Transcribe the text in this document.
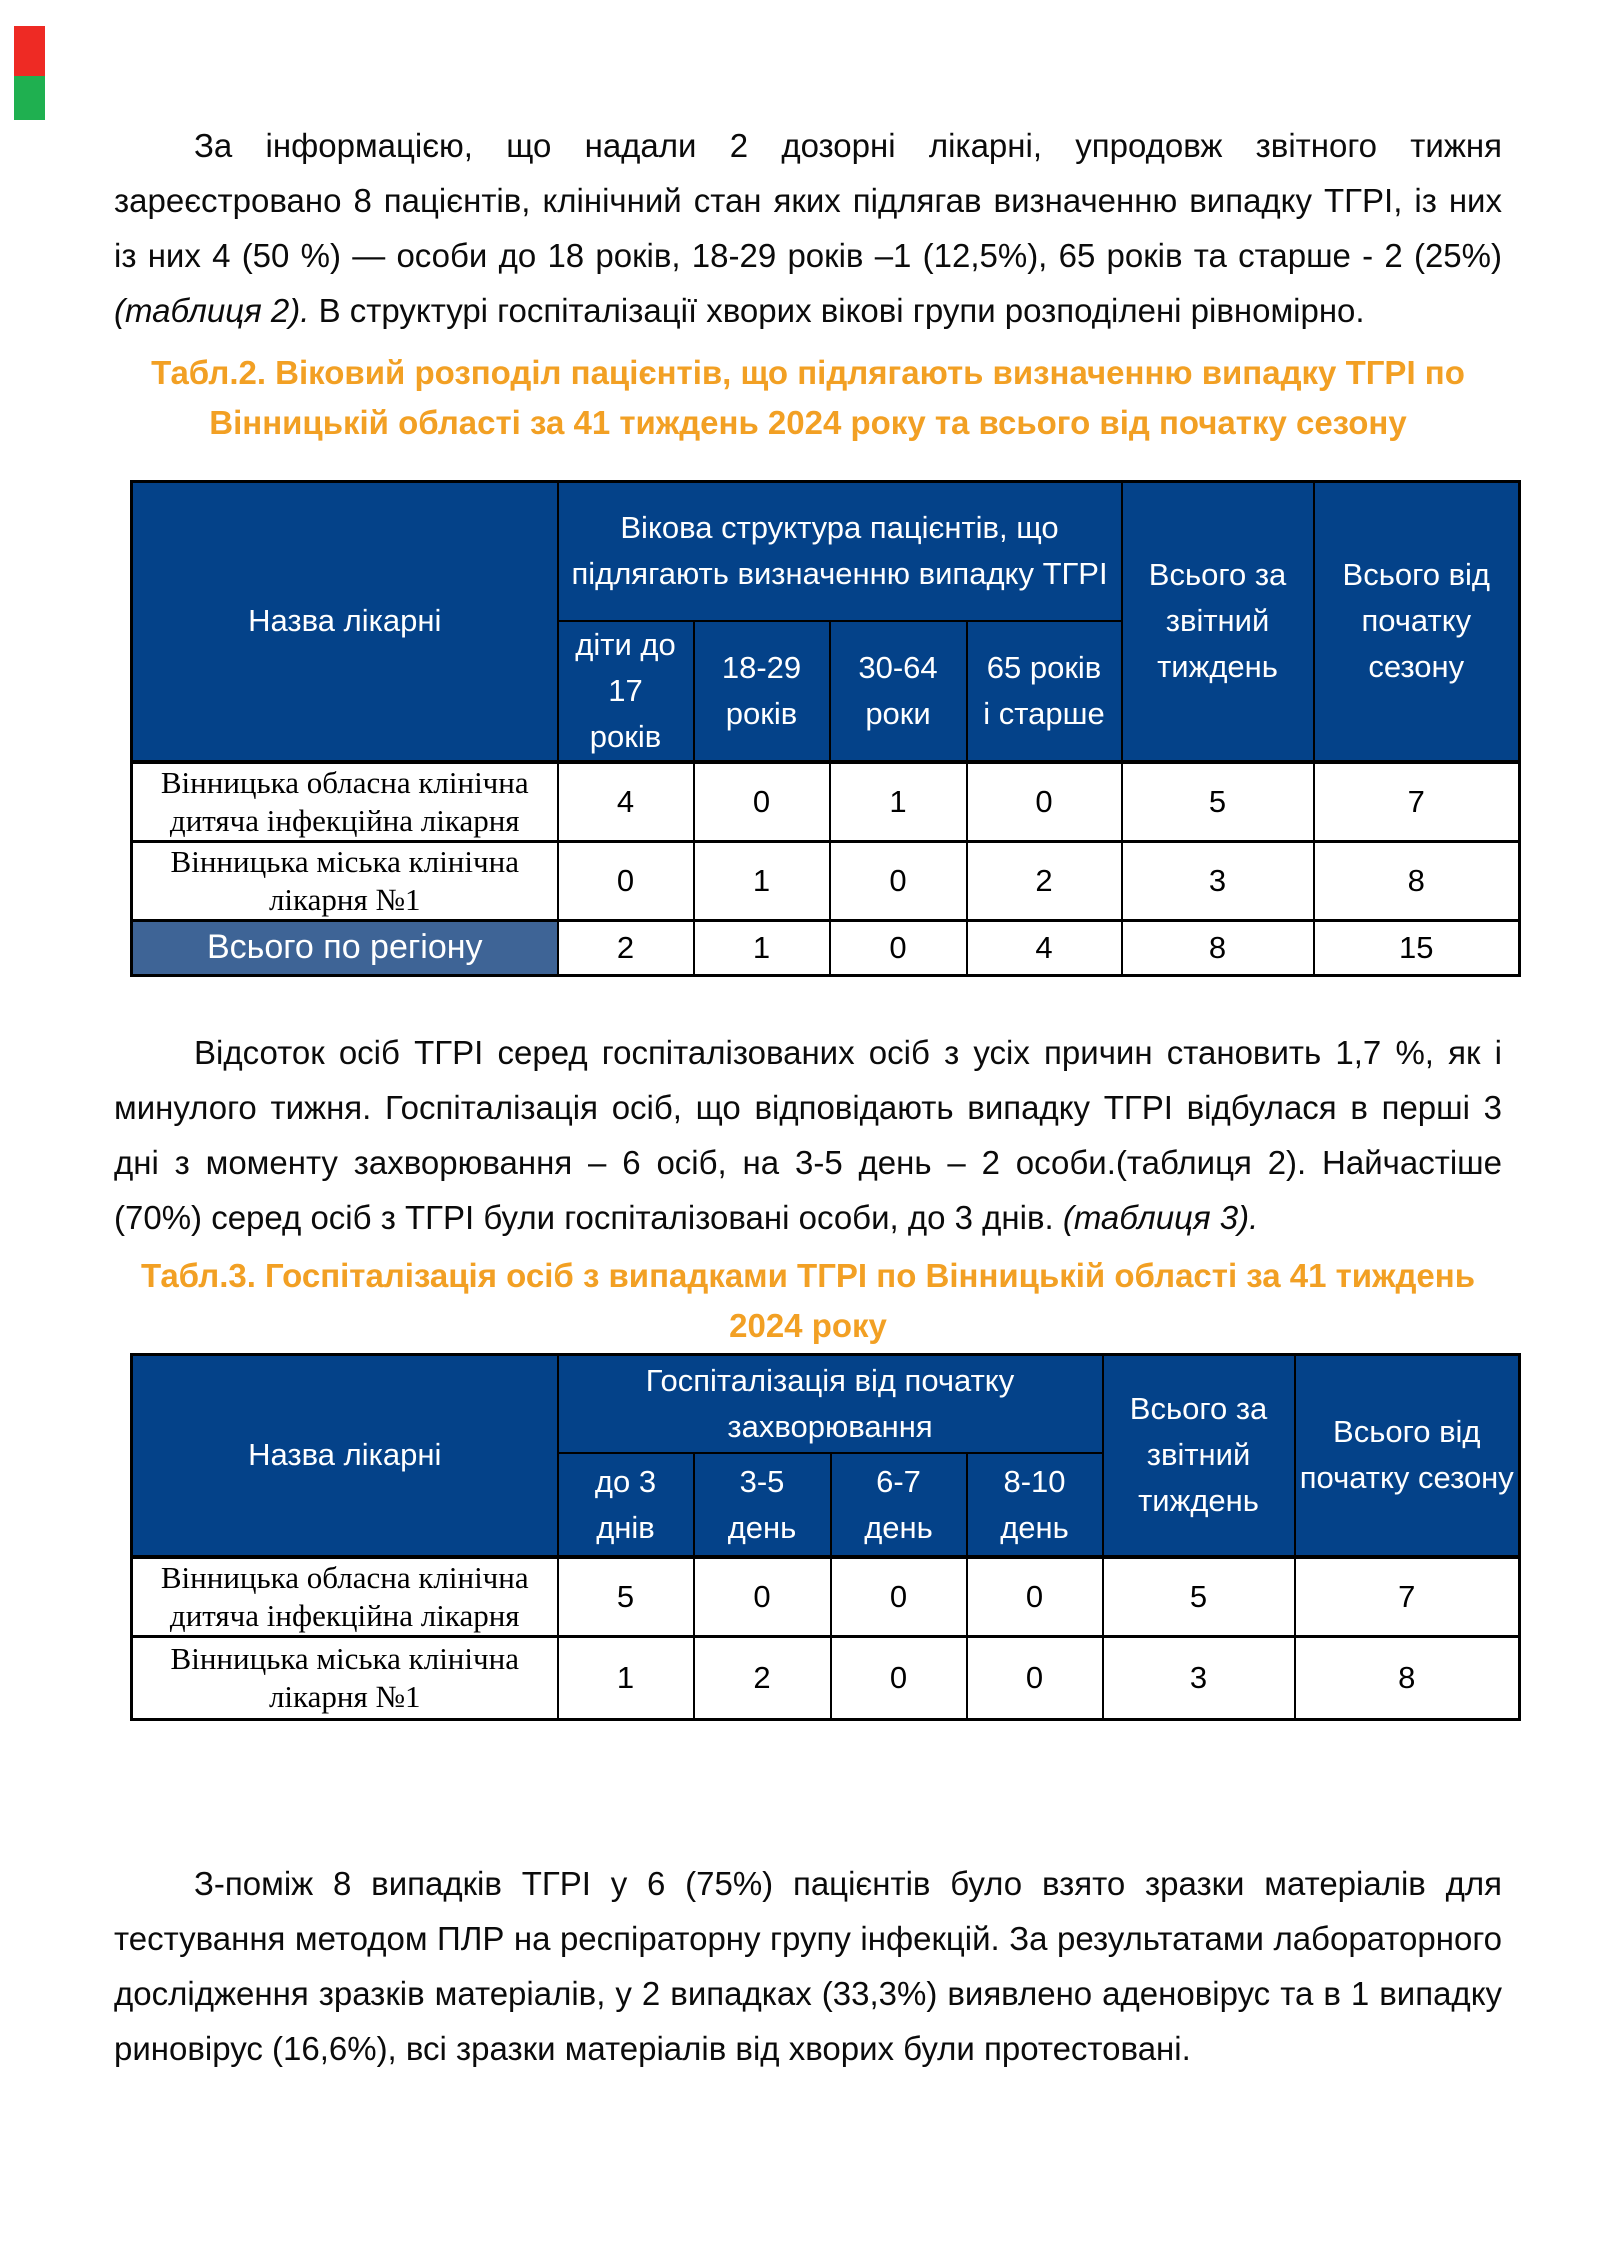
За інформацією, що надали 2 дозорні лікарні, упродовж звітного тижня зареєстровано 8 пацієнтів, клінічний стан яких підлягав визначенню випадку ТГРІ, із них із них 4 (50 %) — особи до 18 років, 18-29 років –1 (12,5%), 65 років та старше - 2 (25%) (таблиця 2). В структурі госпіталізації хворих вікові групи розподілені рівномірно.

Табл.2. Віковий розподіл пацієнтів, що підлягають визначенню випадку ТГРІ по Вінницькій області за 41 тиждень 2024 року та всього від початку сезону
Назва лікарні	Вікова структура пацієнтів, що підлягають визначенню випадку ТГРІ				Всього за звітний тиждень	Всього від початку сезону
	діти до 17 років	18-29 років	30-64 роки	65 років і старше		
Вінницька обласна клінічна дитяча інфекційна лікарня	4	0	1	0	5	7
Вінницька міська клінічна лікарня №1	0	1	0	2	3	8
Всього по регіону	2	1	0	4	8	15

Відсоток осіб ТГРІ серед госпіталізованих осіб з усіх причин становить 1,7 %, як і минулого тижня. Госпіталізація осіб, що відповідають випадку ТГРІ відбулася в перші 3 дні з моменту захворювання – 6 осіб, на 3-5 день – 2 особи.(таблиця 2). Найчастіше (70%) серед осіб з ТГРІ були госпіталізовані особи, до 3 днів. (таблиця 3).

Табл.3. Госпіталізація осіб з випадками ТГРІ по Вінницькій області за 41 тиждень 2024 року
Назва лікарні	Госпіталізація від початку захворювання				Всього за звітний тиждень	Всього від початку сезону
	до 3 днів	3-5 день	6-7 день	8-10 день		
Вінницька обласна клінічна дитяча інфекційна лікарня	5	0	0	0	5	7
Вінницька міська клінічна лікарня №1	1	2	0	0	3	8

З-поміж 8 випадків ТГРІ у 6 (75%) пацієнтів було взято зразки матеріалів для тестування методом ПЛР на респіраторну групу інфекцій. За результатами лабораторного дослідження зразків матеріалів, у 2 випадках (33,3%) виявлено аденовірус та в 1 випадку риновірус (16,6%), всі зразки матеріалів від хворих були протестовані.
